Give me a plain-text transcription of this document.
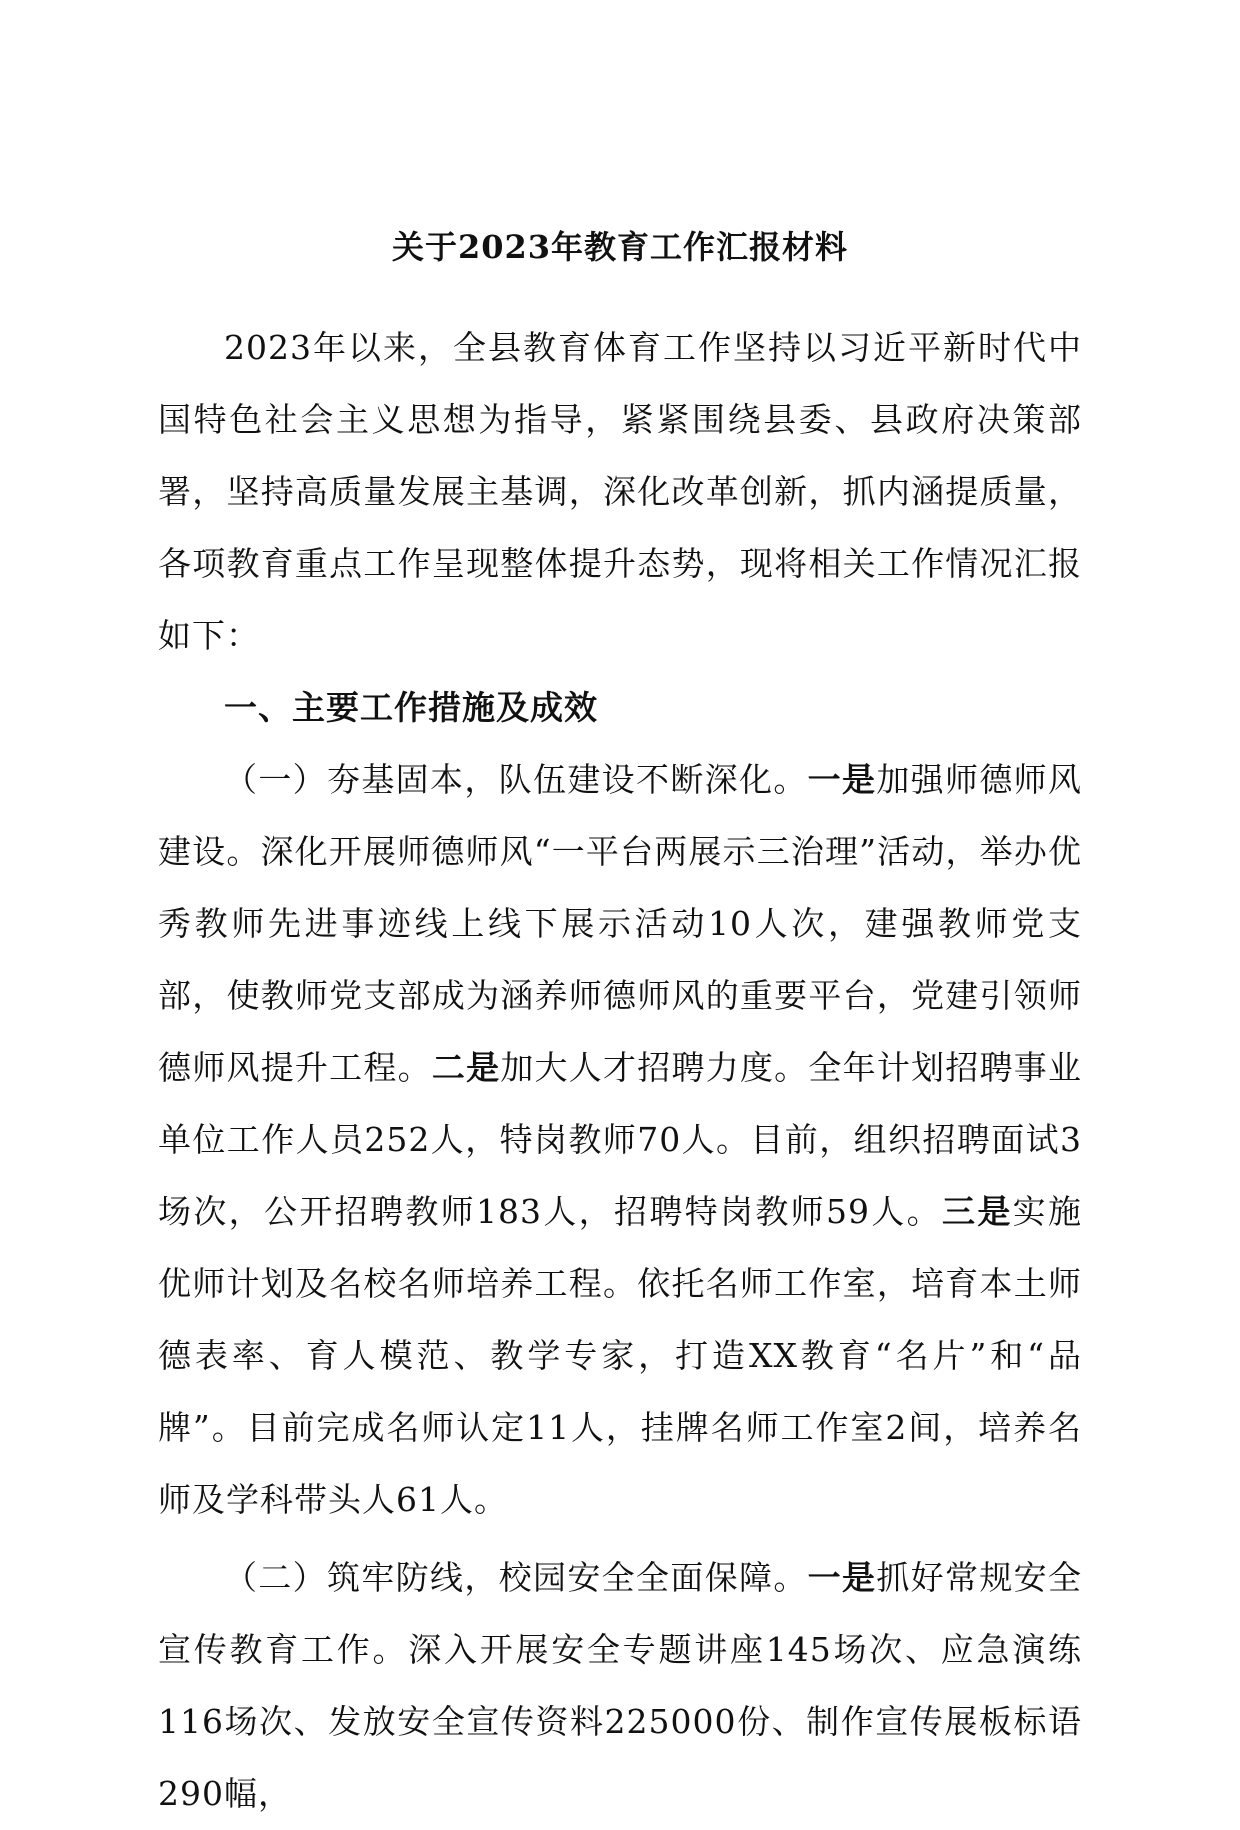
关于2023年教育工作汇报材料

2023年以来，全县教育体育工作坚持以习近平新时代中国特色社会主义思想为指导，紧紧围绕县委、县政府决策部署，坚持高质量发展主基调，深化改革创新，抓内涵提质量，各项教育重点工作呈现整体提升态势，现将相关工作情况汇报如下：

一、主要工作措施及成效

（一）夯基固本，队伍建设不断深化。一是加强师德师风建设。深化开展师德师风“一平台两展示三治理”活动，举办优秀教师先进事迹线上线下展示活动10人次，建强教师党支部，使教师党支部成为涵养师德师风的重要平台，党建引领师德师风提升工程。二是加大人才招聘力度。全年计划招聘事业单位工作人员252人，特岗教师70人。目前，组织招聘面试3场次，公开招聘教师183人，招聘特岗教师59人。三是实施优师计划及名校名师培养工程。依托名师工作室，培育本土师德表率、育人模范、教学专家，打造XX教育“名片”和“品牌”。目前完成名师认定11人，挂牌名师工作室2间，培养名师及学科带头人61人。

（二）筑牢防线，校园安全全面保障。一是抓好常规安全宣传教育工作。深入开展安全专题讲座145场次、应急演练116场次、发放安全宣传资料225000份、制作宣传展板标语290幅，
